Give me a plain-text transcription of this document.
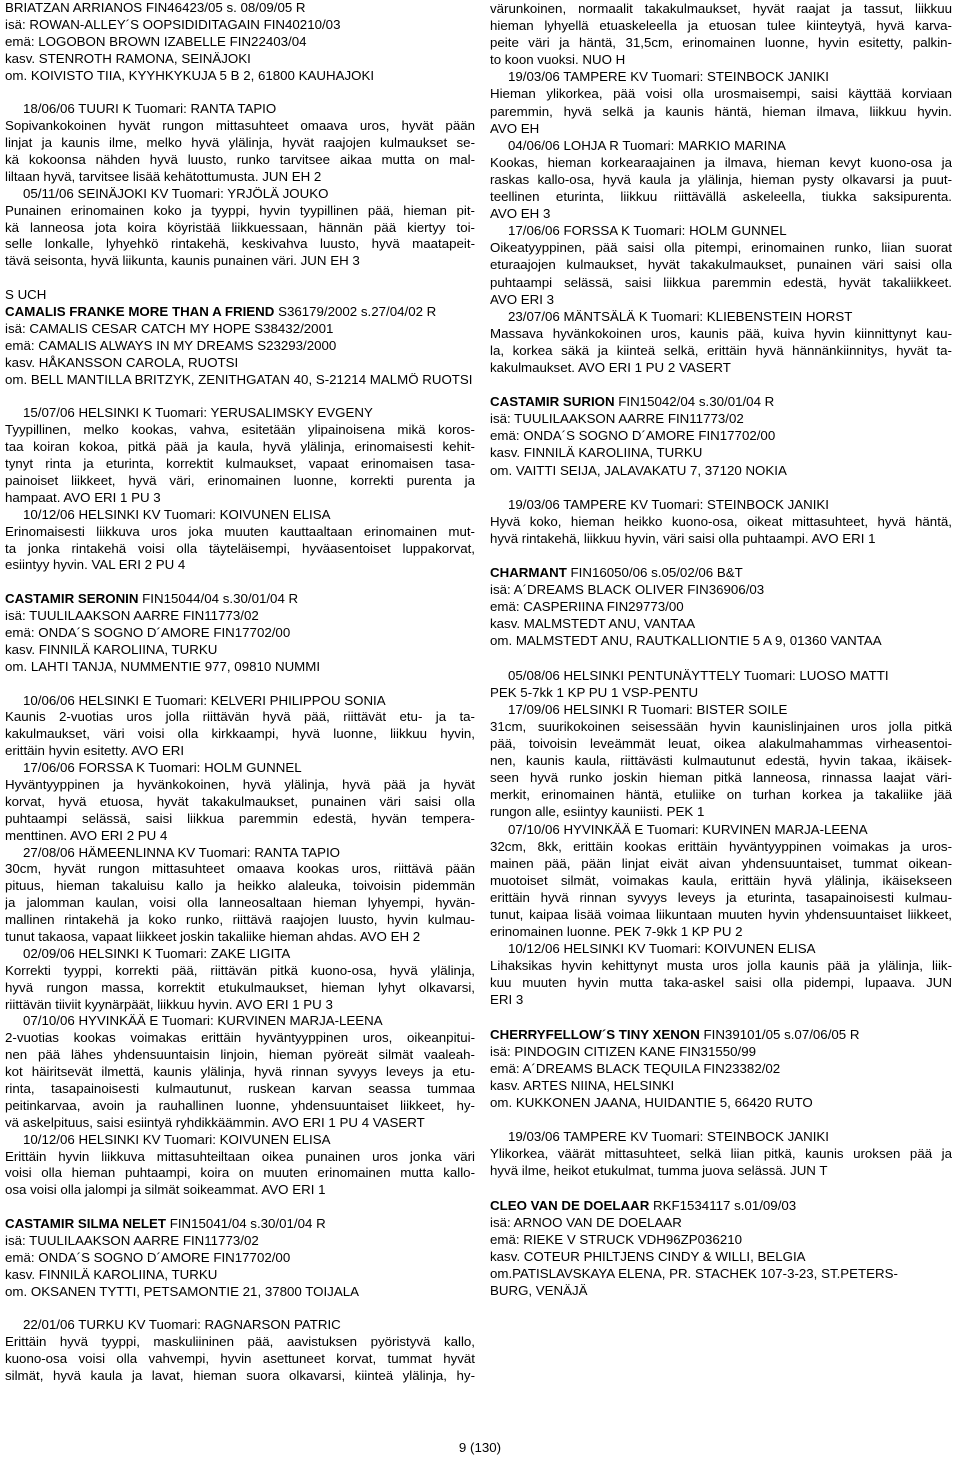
BRIATZAN ARRIANOS FIN46423/05 s. 08/09/05 R
isä: ROWAN-ALLEY´S OOPSIDIDITAGAIN FIN40210/03
emä: LOGOBON BROWN IZABELLE FIN22403/04
kasv. STENROTH RAMONA, SEINÄJOKI
om. KOIVISTO TIIA, KYYHKYKUJA 5 B 2, 61800 KAUHAJOKI

18/06/06 TUURI K Tuomari: RANTA TAPIO
Sopivankokoinen hyvät rungon mittasuhteet omaava uros, hyvät pään
linjat ja kaunis ilme, melko hyvä ylälinja, hyvät raajojen kulmaukset se-
kä kokoonsa nähden hyvä luusto, runko tarvitsee aikaa mutta on mal-
liltaan hyvä, tarvitsee lisää kehätottumusta. JUN EH 2
05/11/06 SEINÄJOKI KV Tuomari: YRJÖLÄ JOUKO
Punainen erinomainen koko ja tyyppi, hyvin tyypillinen pää, hieman pit-
kä lanneosa jota koira köyristää liikkuessaan, hännän pää kiertyy toi-
selle lonkalle, lyhyehkö rintakehä, keskivahva luusto, hyvä maatapeit-
tävä seisonta, hyvä liikunta, kaunis punainen väri. JUN EH 3

S UCH
CAMALIS FRANKE MORE THAN A FRIEND S36179/2002 s.27/04/02 R
isä: CAMALIS CESAR CATCH MY HOPE S38432/2001
emä: CAMALIS ALWAYS IN MY DREAMS S23293/2000
kasv. HÅKANSSON CAROLA, RUOTSI
om. BELL MANTILLA BRITZYK, ZENITHGATAN 40, S-21214 MALMÖ RUOTSI

15/07/06 HELSINKI K Tuomari: YERUSALIMSKY EVGENY
Tyypillinen, melko kookas, vahva, esitetään ylipainoisena mikä koros-
taa koiran kokoa, pitkä pää ja kaula, hyvä ylälinja, erinomaisesti kehit-
tynyt rinta ja eturinta, korrektit kulmaukset, vapaat erinomaisen tasa-
painoiset liikkeet, hyvä väri, erinomainen luonne, korrekti purenta ja
hampaat. AVO ERI 1 PU 3
10/12/06 HELSINKI KV Tuomari: KOIVUNEN ELISA
Erinomaisesti liikkuva uros joka muuten kauttaaltaan erinomainen mut-
ta jonka rintakehä voisi olla täyteläisempi, hyväasentoiset luppakorvat,
esiintyy hyvin. VAL ERI 2 PU 4

CASTAMIR SERONIN FIN15044/04 s.30/01/04 R
isä: TUULILAAKSON AARRE FIN11773/02
emä: ONDA´S SOGNO D´AMORE FIN17702/00
kasv. FINNILÄ KAROLIINA, TURKU
om. LAHTI TANJA, NUMMENTIE 977, 09810 NUMMI

10/06/06 HELSINKI E Tuomari: KELVERI PHILIPPOU SONIA
Kaunis 2-vuotias uros jolla riittävän hyvä pää, riittävät etu- ja ta-
kakulmaukset, väri voisi olla kirkkaampi, hyvä luonne, liikkuu hyvin,
erittäin hyvin esitetty. AVO ERI
17/06/06 FORSSA K Tuomari: HOLM GUNNEL
Hyväntyyppinen ja hyvänkokoinen, hyvä ylälinja, hyvä pää ja hyvät
korvat, hyvä etuosa, hyvät takakulmaukset, punainen väri saisi olla
puhtaampi selässä, saisi liikkua paremmin edestä, hyvän tempera-
menttinen. AVO ERI 2 PU 4
27/08/06 HÄMEENLINNA KV Tuomari: RANTA TAPIO
30cm, hyvät rungon mittasuhteet omaava kookas uros, riittävä pään
pituus, hieman takaluisu kallo ja heikko alaleuka, toivoisin pidemmän
ja jalomman kaulan, voisi olla lanneosaltaan hieman lyhyempi, hyvän-
mallinen rintakehä ja koko runko, riittävä raajojen luusto, hyvin kulmau-
tunut takaosa, vapaat liikkeet joskin takaliike hieman ahdas. AVO EH 2
02/09/06 HELSINKI K Tuomari: ZAKE LIGITA
Korrekti tyyppi, korrekti pää, riittävän pitkä kuono-osa, hyvä ylälinja,
hyvä rungon massa, korrektit etukulmaukset, hieman lyhyt olkavarsi,
riittävän tiiviit kyynärpäät, liikkuu hyvin. AVO ERI 1 PU 3
07/10/06 HYVINKÄÄ E Tuomari: KURVINEN MARJA-LEENA
2-vuotias kookas voimakas erittäin hyväntyyppinen uros, oikeanpitui-
nen pää lähes yhdensuuntaisin linjoin, hieman pyöreät silmät vaaleah-
kot häiritsevät ilmettä, kaunis ylälinja, hyvä rinnan syvyys leveys ja etu-
rinta, tasapainoisesti kulmautunut, ruskean karvan seassa tummaa
peitinkarvaa, avoin ja rauhallinen luonne, yhdensuuntaiset liikkeet, hy-
vä askelpituus, saisi esiintyä ryhdikkäämmin. AVO ERI 1 PU 4 VASERT
10/12/06 HELSINKI KV Tuomari: KOIVUNEN ELISA
Erittäin hyvin liikkuva mittasuhteiltaan oikea punainen uros jonka väri
voisi olla hieman puhtaampi, koira on muuten erinomainen mutta kallo-
osa voisi olla jalompi ja silmät soikeammat. AVO ERI 1

CASTAMIR SILMA NELET FIN15041/04 s.30/01/04 R
isä: TUULILAAKSON AARRE FIN11773/02
emä: ONDA´S SOGNO D´AMORE FIN17702/00
kasv. FINNILÄ KAROLIINA, TURKU
om. OKSANEN TYTTI, PETSAMONTIE 21, 37800 TOIJALA

22/01/06 TURKU KV Tuomari: RAGNARSON PATRIC
Erittäin hyvä tyyppi, maskuliininen pää, aavistuksen pyöristyvä kallo,
kuono-osa voisi olla vahvempi, hyvin asettuneet korvat, tummat hyvät
silmät, hyvä kaula ja lavat, hieman suora olkavarsi, kiinteä ylälinja, hy-
värunkoinen, normaalit takakulmaukset, hyvät raajat ja tassut, liikkuu
hieman lyhyellä etuaskeleella ja etuosan tulee kiinteytyä, hyvä karva-
peite väri ja häntä, 31,5cm, erinomainen luonne, hyvin esitetty, palkin-
to koon vuoksi. NUO H
19/03/06 TAMPERE KV Tuomari: STEINBOCK JANIKI
Hieman ylikorkea, pää voisi olla urosmaisempi, saisi käyttää korviaan
paremmin, hyvä selkä ja kaunis häntä, hieman ilmava, liikkuu hyvin.
AVO EH
04/06/06 LOHJA R Tuomari: MARKIO MARINA
Kookas, hieman korkearaajainen ja ilmava, hieman kevyt kuono-osa ja
raskas kallo-osa, hyvä kaula ja ylälinja, hieman pysty olkavarsi ja puut-
teellinen eturinta, liikkuu riittävällä askeleella, tiukka saksipurenta.
AVO EH 3
17/06/06 FORSSA K Tuomari: HOLM GUNNEL
Oikeatyyppinen, pää saisi olla pitempi, erinomainen runko, liian suorat
eturaajojen kulmaukset, hyvät takakulmaukset, punainen väri saisi olla
puhtaampi selässä, saisi liikkua paremmin edestä, hyvät takaliikkeet.
AVO ERI 3
23/07/06 MÄNTSÄLÄ K Tuomari: KLIEBENSTEIN HORST
Massava hyvänkokoinen uros, kaunis pää, kuiva hyvin kiinnittynyt kau-
la, korkea säkä ja kiinteä selkä, erittäin hyvä hännänkiinnitys, hyvät ta-
kakulmaukset. AVO ERI 1 PU 2 VASERT

CASTAMIR SURION FIN15042/04 s.30/01/04 R
isä: TUULILAAKSON AARRE FIN11773/02
emä: ONDA´S SOGNO D´AMORE FIN17702/00
kasv. FINNILÄ KAROLIINA, TURKU
om. VAITTI SEIJA, JALAVAKATU 7, 37120 NOKIA

19/03/06 TAMPERE KV Tuomari: STEINBOCK JANIKI
Hyvä koko, hieman heikko kuono-osa, oikeat mittasuhteet, hyvä häntä,
hyvä rintakehä, liikkuu hyvin, väri saisi olla puhtaampi. AVO ERI 1

CHARMANT FIN16050/06 s.05/02/06 B&T
isä: A´DREAMS BLACK OLIVER FIN36906/03
emä: CASPERIINA FIN29773/00
kasv. MALMSTEDT ANU, VANTAA
om. MALMSTEDT ANU, RAUTKALLIONTIE 5 A 9, 01360 VANTAA

05/08/06 HELSINKI PENTUNÄYTTELY Tuomari: LUOSO MATTI
PEK 5-7kk 1 KP PU 1 VSP-PENTU
17/09/06 HELSINKI R Tuomari: BISTER SOILE
31cm, suurikokoinen seisessään hyvin kaunislinjainen uros jolla pitkä
pää, toivoisin leveämmät leuat, oikea alakulmahammas virheasentoi-
nen, kaunis kaula, riittävästi kulmautunut edestä, hyvin takaa, ikäisek-
seen hyvä runko joskin hieman pitkä lanneosa, rinnassa laajat väri-
merkit, erinomainen häntä, etuliike on turhan korkea ja takaliike jää
rungon alle, esiintyy kauniisti. PEK 1
07/10/06 HYVINKÄÄ E Tuomari: KURVINEN MARJA-LEENA
32cm, 8kk, erittäin kookas erittäin hyväntyyppinen voimakas ja uros-
mainen pää, pään linjat eivät aivan yhdensuuntaiset, tummat oikean-
muotoiset silmät, voimakas kaula, erittäin hyvä ylälinja, ikäisekseen
erittäin hyvä rinnan syvyys leveys ja eturinta, tasapainoisesti kulmau-
tunut, kaipaa lisää voimaa liikuntaan muuten hyvin yhdensuuntaiset liikkeet,
erinomainen luonne. PEK 7-9kk 1 KP PU 2
10/12/06 HELSINKI KV Tuomari: KOIVUNEN ELISA
Lihaksikas hyvin kehittynyt musta uros jolla kaunis pää ja ylälinja, liik-
kuu muuten hyvin mutta taka-askel saisi olla pidempi, lupaava. JUN
ERI 3

CHERRYFELLOW´S TINY XENON FIN39101/05 s.07/06/05 R
isä: PINDOGIN CITIZEN KANE FIN31550/99
emä: A´DREAMS BLACK TEQUILA FIN23382/02
kasv. ARTES NIINA, HELSINKI
om. KUKKONEN JAANA, HUIDANTIE 5, 66420 RUTO

19/03/06 TAMPERE KV Tuomari: STEINBOCK JANIKI
Ylikorkea, väärät mittasuhteet, selkä liian pitkä, kaunis uroksen pää ja
hyvä ilme, heikot etukulmat, tumma juova selässä. JUN T

CLEO VAN DE DOELAAR RKF1534117 s.01/09/03
isä: ARNOO VAN DE DOELAAR
emä: RIEKE V STRUCK VDH96ZP036210
kasv. COTEUR PHILTJENS CINDY & WILLI, BELGIA
om.PATISLAVSKAYA ELENA, PR. STACHEK 107-3-23, ST.PETERS-
BURG, VENÄJÄ
9 (130)
